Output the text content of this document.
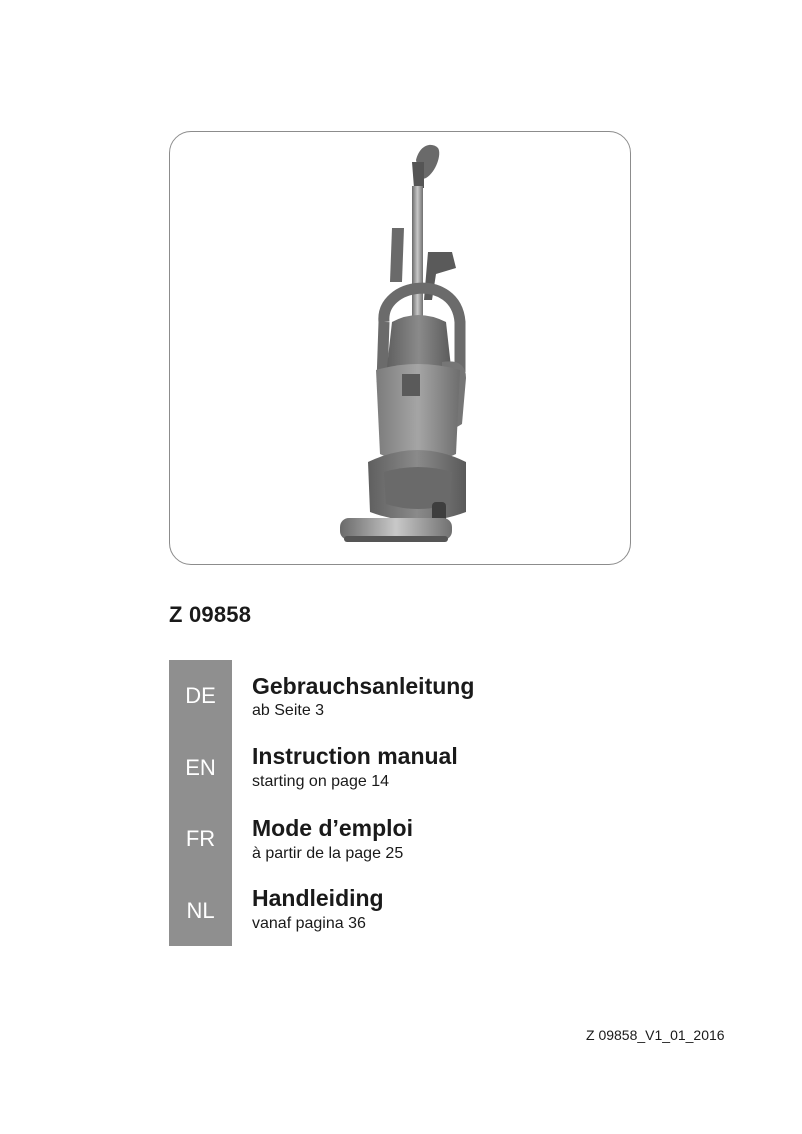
Z 09858
DE	Gebrauchsanleitung
ab Seite 3
EN	Instruction manual
starting on page 14
FR	Mode d’emploi
à partir de la page 25
NL	Handleiding
vanaf pagina 36
Z 09858_V1_01_2016
